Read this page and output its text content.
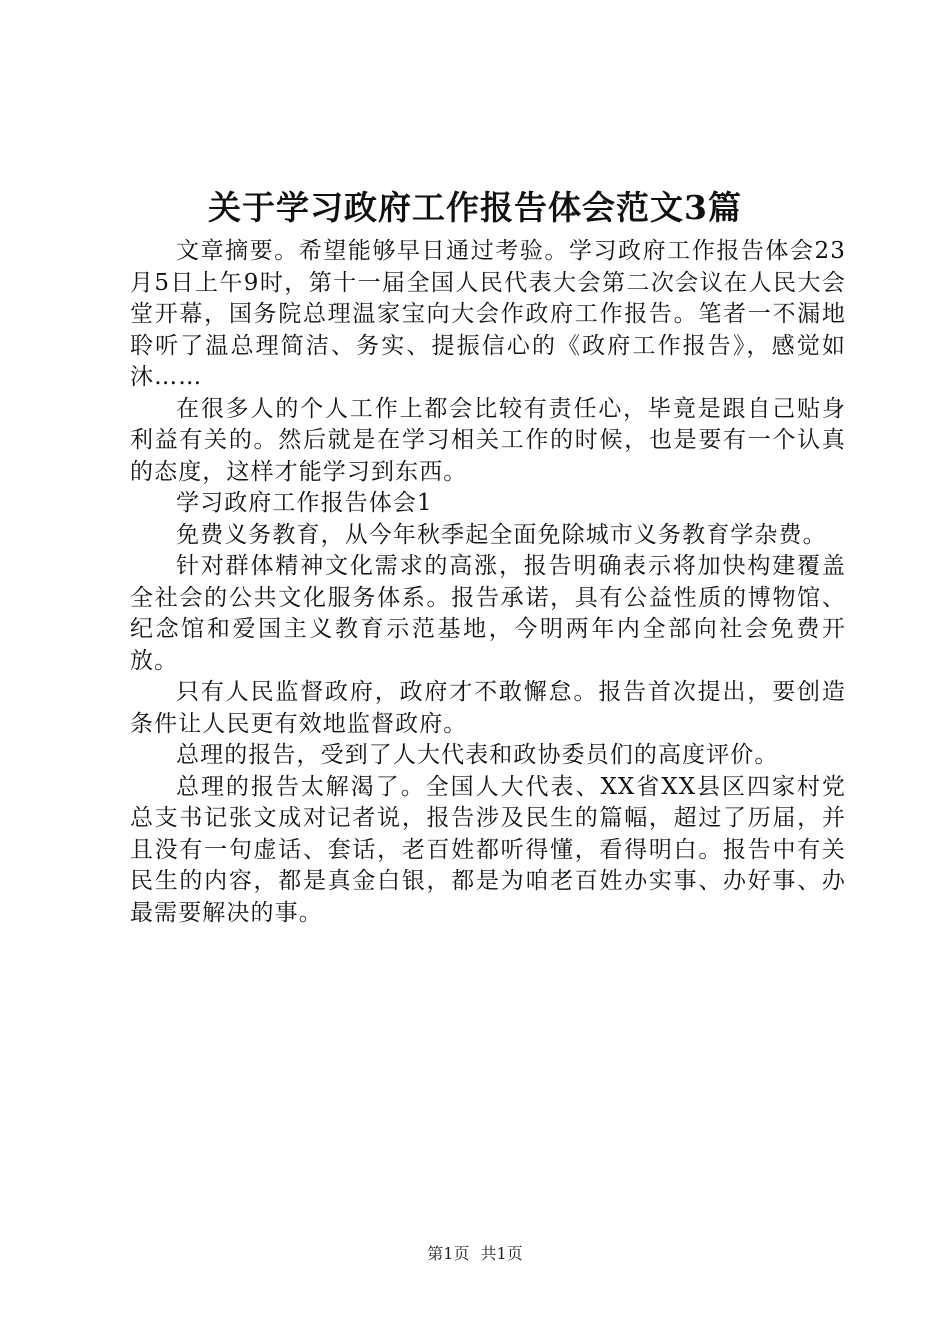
关于学习政府工作报告体会范文3篇

文章摘要。希望能够早日通过考验。学习政府工作报告体会23月5日上午9时，第十一届全国人民代表大会第二次会议在人民大会堂开幕，国务院总理温家宝向大会作政府工作报告。笔者一不漏地聆听了温总理简洁、务实、提振信心的《政府工作报告》，感觉如沐……

在很多人的个人工作上都会比较有责任心，毕竟是跟自己贴身利益有关的。然后就是在学习相关工作的时候，也是要有一个认真的态度，这样才能学习到东西。

学习政府工作报告体会1

免费义务教育，从今年秋季起全面免除城市义务教育学杂费。

针对群体精神文化需求的高涨，报告明确表示将加快构建覆盖全社会的公共文化服务体系。报告承诺，具有公益性质的博物馆、纪念馆和爱国主义教育示范基地，今明两年内全部向社会免费开放。

只有人民监督政府，政府才不敢懈怠。报告首次提出，要创造条件让人民更有效地监督政府。

总理的报告，受到了人大代表和政协委员们的高度评价。

总理的报告太解渴了。全国人大代表、XX省XX县区四家村党总支书记张文成对记者说，报告涉及民生的篇幅，超过了历届，并且没有一句虚话、套话，老百姓都听得懂，看得明白。报告中有关民生的内容，都是真金白银，都是为咱老百姓办实事、办好事、办最需要解决的事。

第1页 共1页
